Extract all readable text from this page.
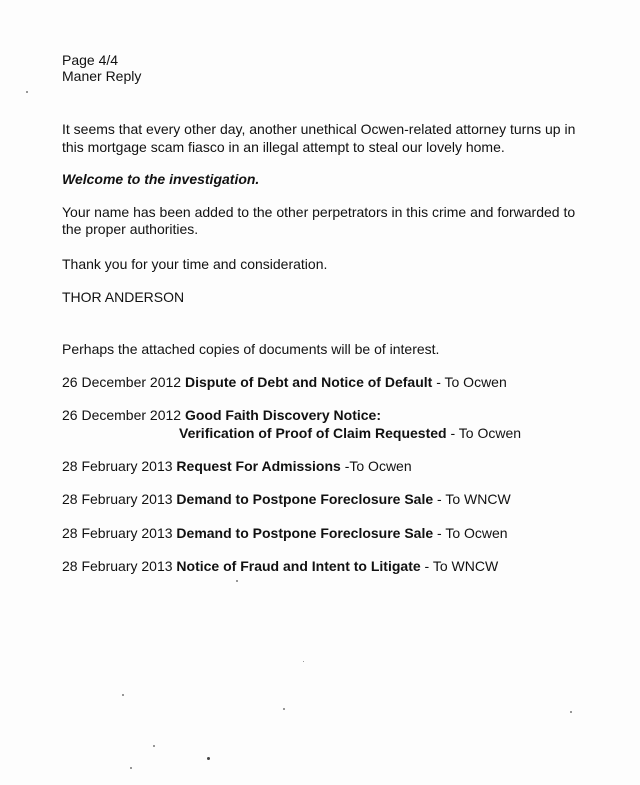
Page 4/4
Maner Reply
It seems that every other day, another unethical Ocwen-related attorney turns up in
this mortgage scam fiasco in an illegal attempt to steal our lovely home.
Welcome to the investigation.
Your name has been added to the other perpetrators in this crime and forwarded to
the proper authorities.
Thank you for your time and consideration.
THOR ANDERSON
Perhaps the attached copies of documents will be of interest.
26 December 2012 Dispute of Debt and Notice of Default - To Ocwen
26 December 2012 Good Faith Discovery Notice:
Verification of Proof of Claim Requested - To Ocwen
28 February 2013 Request For Admissions -To Ocwen
28 February 2013 Demand to Postpone Foreclosure Sale - To WNCW
28 February 2013 Demand to Postpone Foreclosure Sale - To Ocwen
28 February 2013 Notice of Fraud and Intent to Litigate - To WNCW
